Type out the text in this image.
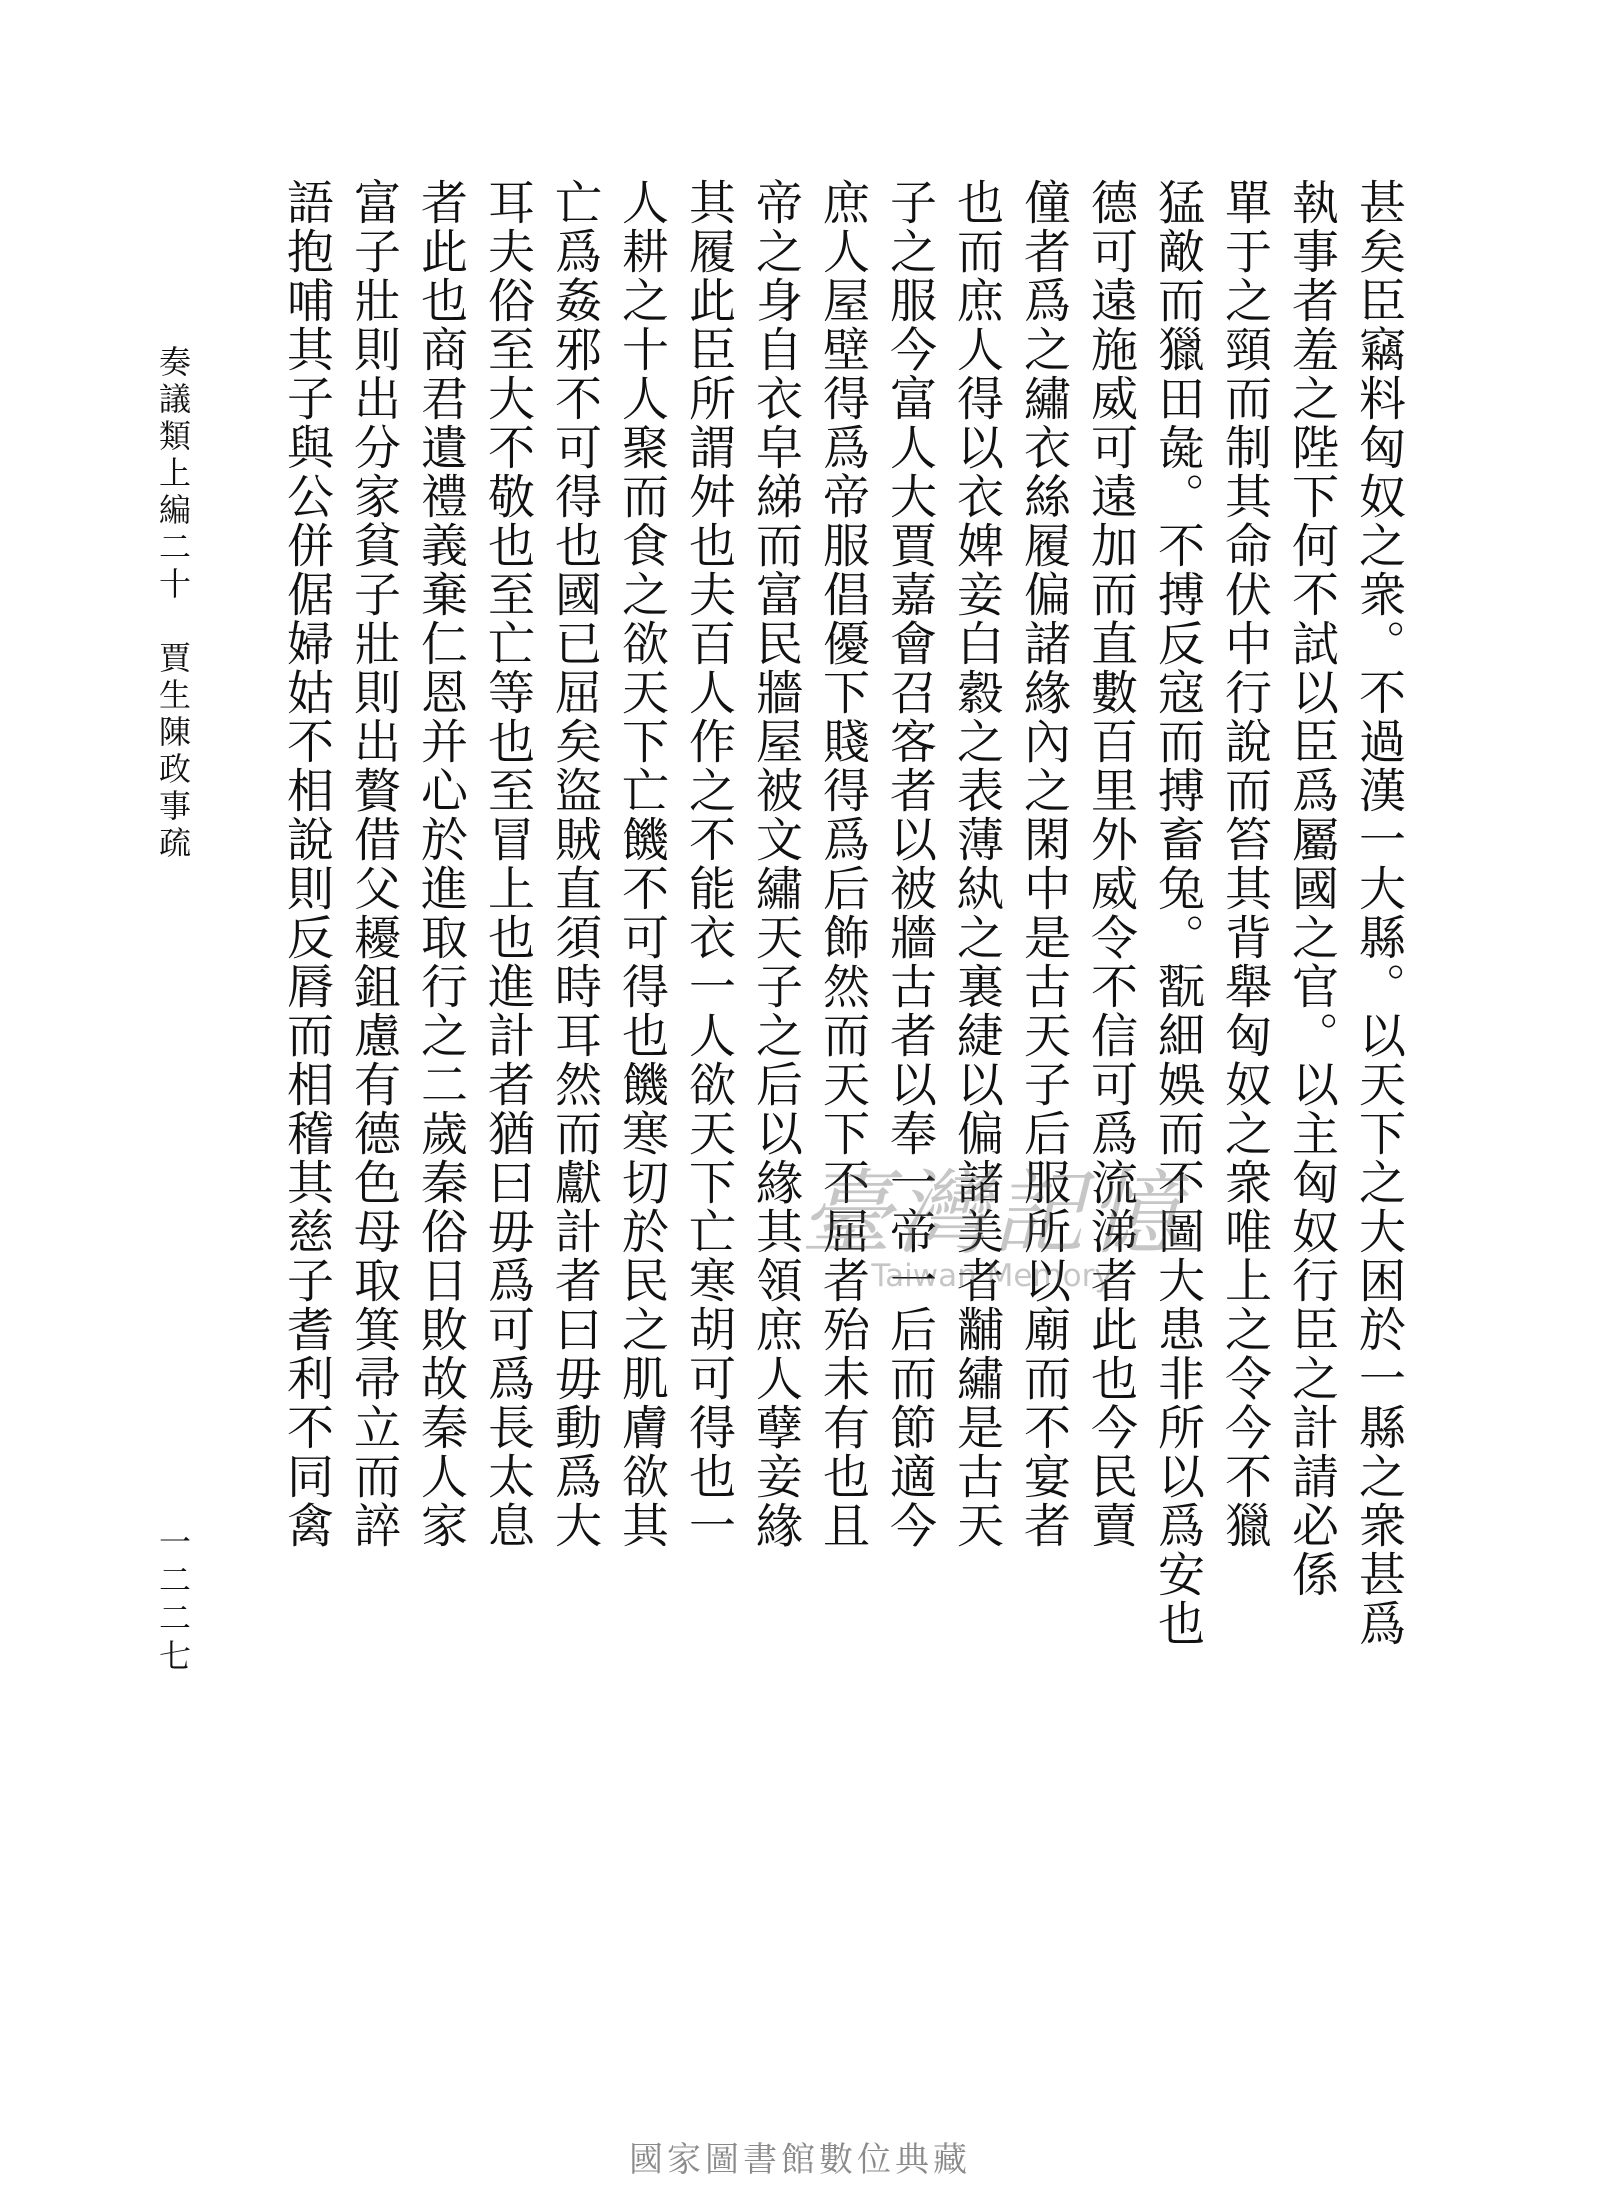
甚矣臣竊料匈奴之衆。不過漢一大縣。以天下之大困於一縣之衆甚爲
執事者羞之陛下何不試以臣爲屬國之官。以主匈奴行臣之計請必係
單于之頸而制其命伏中行說而笞其背舉匈奴之衆唯上之令今不獵
猛敵而獵田彘。不搏反寇而搏畜兔。翫細娛而不圖大患非所以爲安也
德可遠施威可遠加而直數百里外威令不信可爲流涕者此也今民賣
僮者爲之繡衣絲履偏諸緣內之閑中是古天子后服所以廟而不宴者
也而庶人得以衣婢妾白縠之表薄紈之裏緁以偏諸美者黼繡是古天
子之服今富人大賈嘉會召客者以被牆古者以奉一帝一后而節適今
庶人屋壁得爲帝服倡優下賤得爲后飾然而天下不屈者殆未有也且
帝之身自衣皁綈而富民牆屋被文繡天子之后以緣其領庶人孽妾緣
其履此臣所謂舛也夫百人作之不能衣一人欲天下亡寒胡可得也一
人耕之十人聚而食之欲天下亡饑不可得也饑寒切於民之肌膚欲其
亡爲姦邪不可得也國已屈矣盜賊直須時耳然而獻計者曰毋動爲大
耳夫俗至大不敬也至亡等也至冒上也進計者猶曰毋爲可爲長太息
者此也商君遺禮義棄仁恩并心於進取行之二歲秦俗日敗故秦人家
富子壯則出分家貧子壯則出贅借父耰鉏慮有德色母取箕帚立而誶
語抱哺其子與公併倨婦姑不相說則反脣而相稽其慈子耆利不同禽
奏議類上編二十　賈生陳政事疏
一二二七
臺灣記憶
Taiwan Memory
國家圖書館數位典藏
